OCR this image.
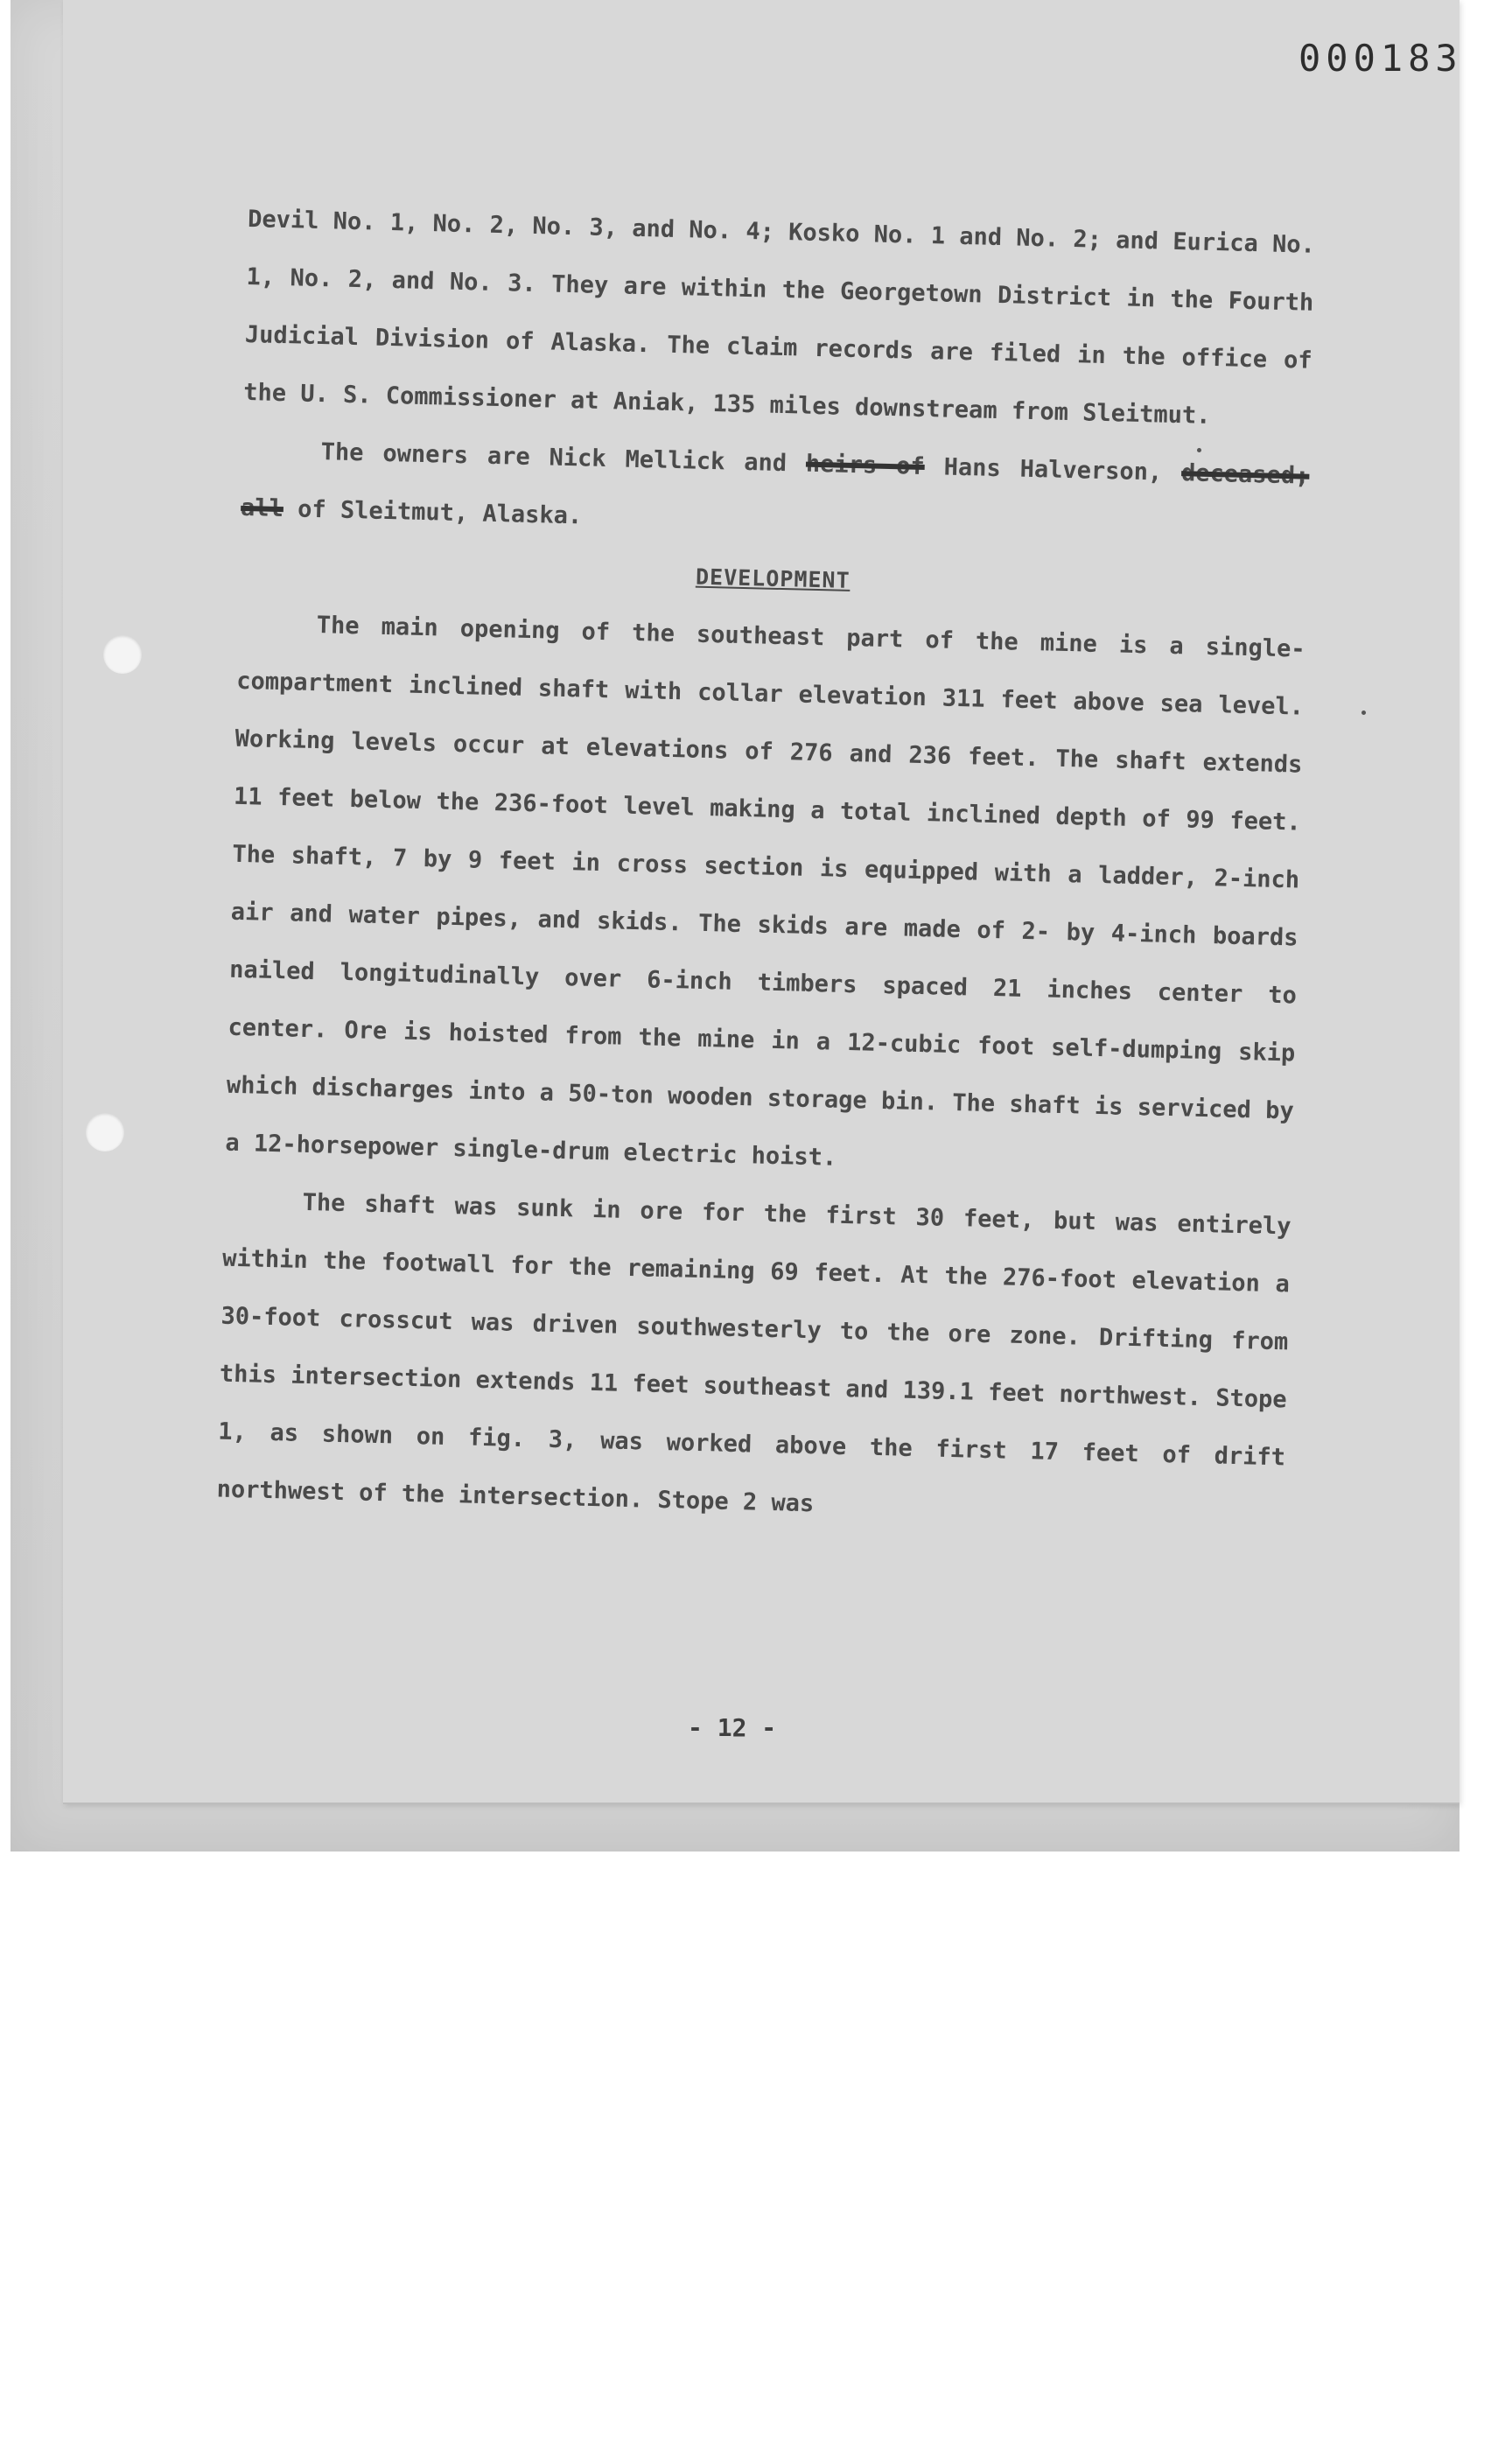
000183

Devil No. 1, No. 2, No. 3, and No. 4; Kosko No. 1 and No. 2; and Eurica No. 1, No. 2, and No. 3. They are within the Georgetown District in the Fourth Judicial Division of Alaska. The claim records are filed in the office of the U. S. Commissioner at Aniak, 135 miles downstream from Sleitmut.

The owners are Nick Mellick and heirs of Hans Halverson, deceased; all of Sleitmut, Alaska.

DEVELOPMENT

The main opening of the southeast part of the mine is a single-compartment inclined shaft with collar elevation 311 feet above sea level. Working levels occur at elevations of 276 and 236 feet. The shaft extends 11 feet below the 236-foot level making a total inclined depth of 99 feet. The shaft, 7 by 9 feet in cross section is equipped with a ladder, 2-inch air and water pipes, and skids. The skids are made of 2- by 4-inch boards nailed longitudinally over 6-inch timbers spaced 21 inches center to center. Ore is hoisted from the mine in a 12-cubic foot self-dumping skip which discharges into a 50-ton wooden storage bin. The shaft is serviced by a 12-horsepower single-drum electric hoist.

The shaft was sunk in ore for the first 30 feet, but was entirely within the footwall for the remaining 69 feet. At the 276-foot elevation a 30-foot crosscut was driven southwesterly to the ore zone. Drifting from this intersection extends 11 feet southeast and 139.1 feet northwest. Stope 1, as shown on fig. 3, was worked above the first 17 feet of drift northwest of the intersection. Stope 2 was

- 12 -
